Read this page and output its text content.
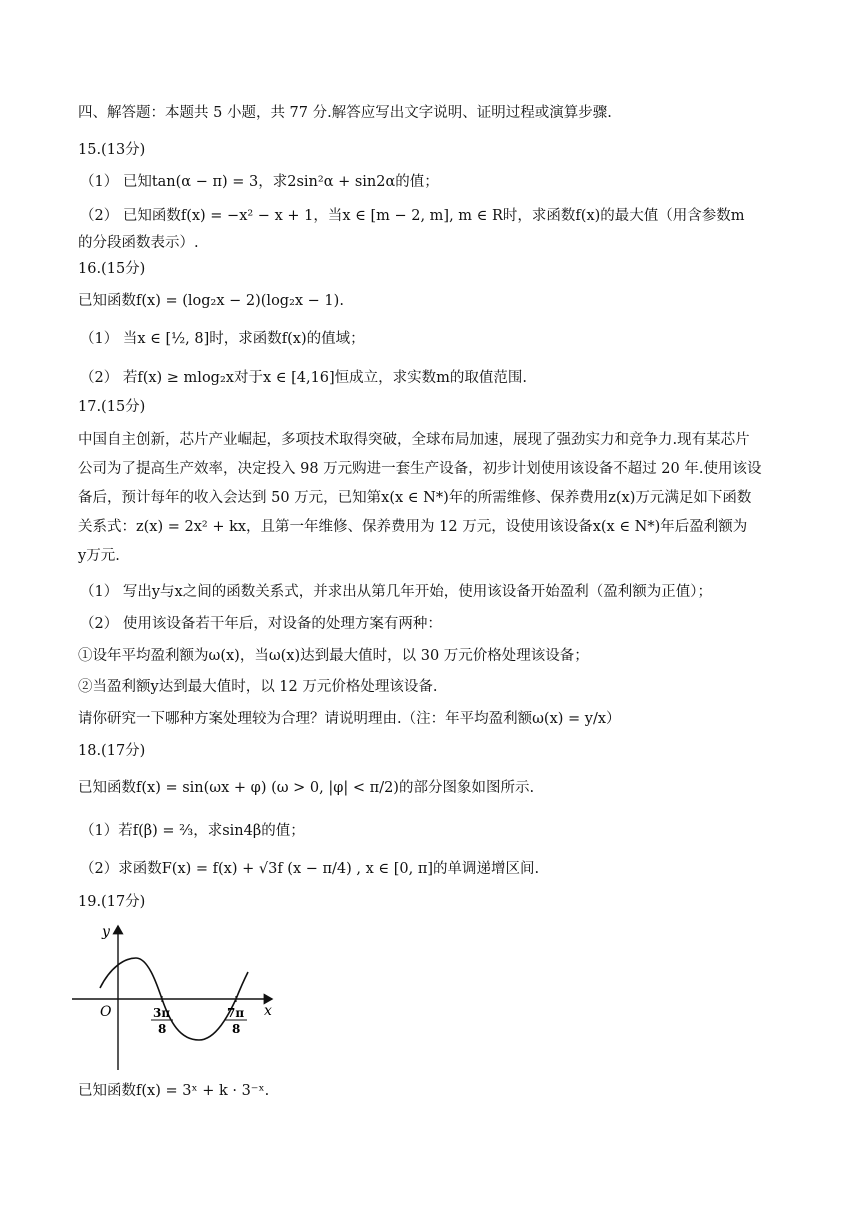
四、解答题：本题共 5 小题，共 77 分.解答应写出文字说明、证明过程或演算步骤.
15.(13分)
（1） 已知tan(α − π) = 3，求2sin²α + sin2α的值；
（2） 已知函数f(x) = −x² − x + 1，当x ∈ [m − 2, m], m ∈ R时，求函数f(x)的最大值（用含参数m
的分段函数表示）.
16.(15分)
已知函数f(x) = (log₂x − 2)(log₂x − 1).
（1） 当x ∈ [½, 8]时，求函数f(x)的值域；
（2） 若f(x) ≥ mlog₂x对于x ∈ [4,16]恒成立，求实数m的取值范围.
17.(15分)
中国自主创新，芯片产业崛起，多项技术取得突破，全球布局加速，展现了强劲实力和竞争力.现有某芯片
公司为了提高生产效率，决定投入 98 万元购进一套生产设备，初步计划使用该设备不超过 20 年.使用该设
备后，预计每年的收入会达到 50 万元，已知第x(x ∈ N*)年的所需维修、保养费用z(x)万元满足如下函数
关系式：z(x) = 2x² + kx，且第一年维修、保养费用为 12 万元，设使用该设备x(x ∈ N*)年后盈利额为
y万元.
（1） 写出y与x之间的函数关系式，并求出从第几年开始，使用该设备开始盈利（盈利额为正值）；
（2） 使用该设备若干年后，对设备的处理方案有两种：
①设年平均盈利额为ω(x)，当ω(x)达到最大值时，以 30 万元价格处理该设备；
②当盈利额y达到最大值时，以 12 万元价格处理该设备.
请你研究一下哪种方案处理较为合理？请说明理由.（注：年平均盈利额ω(x) = y/x）
18.(17分)
已知函数f(x) = sin(ωx + φ) (ω > 0, |φ| < π/2)的部分图象如图所示.
（1）若f(β) = ⅔，求sin4β的值；
（2）求函数F(x) = f(x) + √3f (x − π/4) , x ∈ [0, π]的单调递增区间.
19.(17分)
y
x
O	3π
8
7π
8
已知函数f(x) = 3ˣ + k · 3⁻ˣ.
